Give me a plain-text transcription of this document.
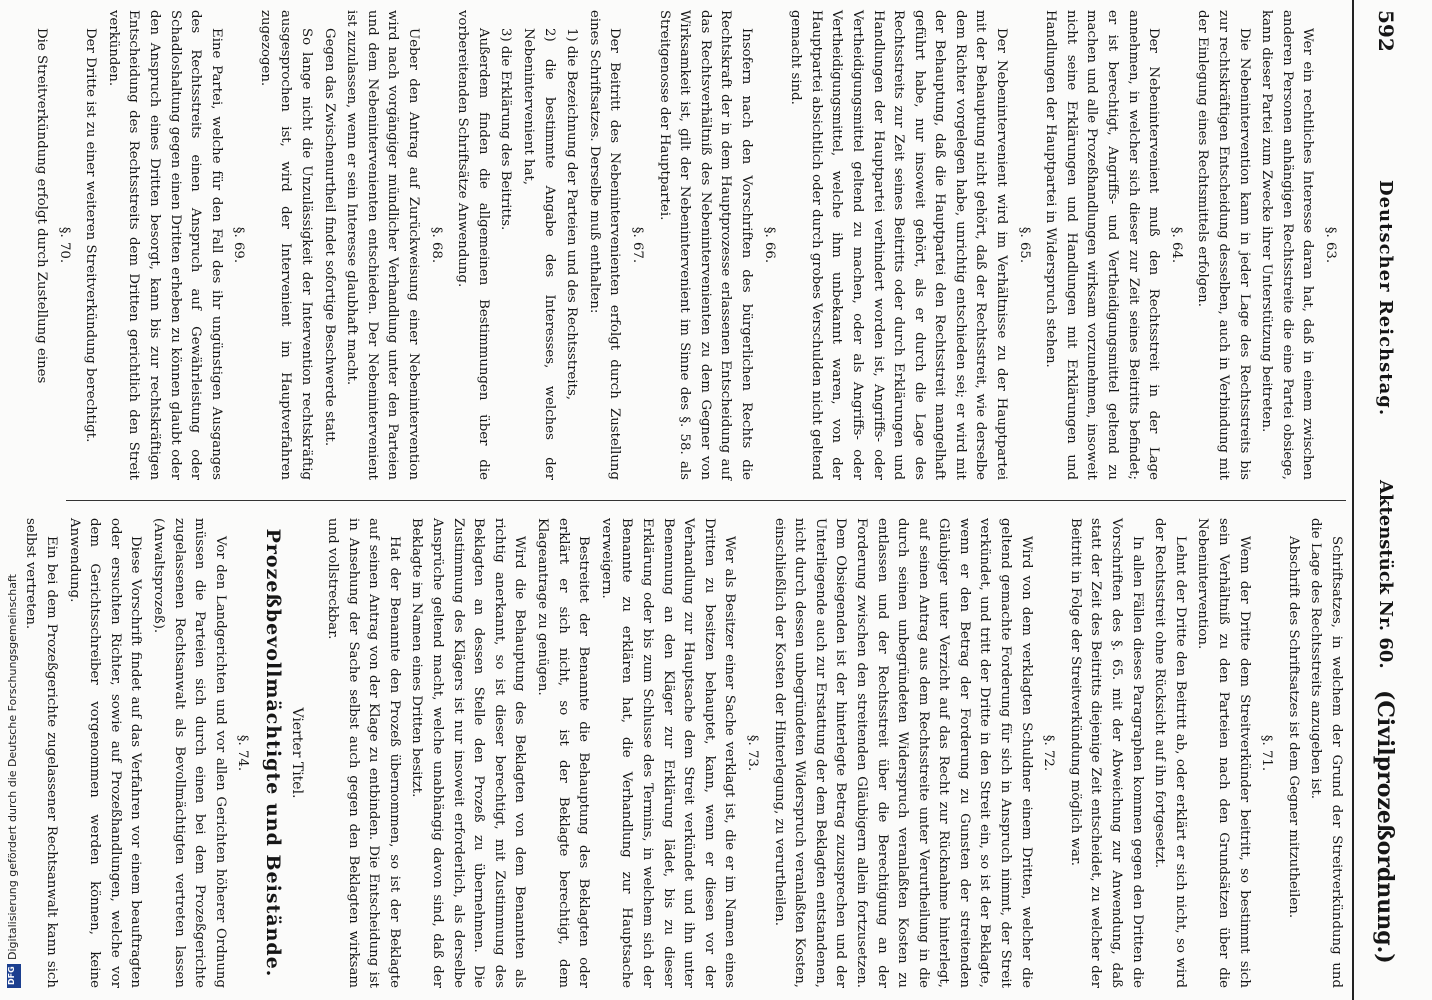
592
Deutscher Reichstag.
Aktenstück Nr. 60.
(Civilprozeßordnung.)

§. 63.

Wer ein rechtliches Interesse daran hat, daß in einem zwischen anderen Personen anhängigen Rechtsstreite die eine Partei obsiege, kann dieser Partei zum Zwecke ihrer Unterstützung beitreten.

Die Nebenintervention kann in jeder Lage des Rechtsstreits bis zur rechtskräftigen Entscheidung desselben, auch in Verbindung mit der Einlegung eines Rechtsmittels erfolgen.

§. 64.

Der Nebenintervenient muß den Rechtsstreit in der Lage annehmen, in welcher sich dieser zur Zeit seines Beitritts befindet; er ist berechtigt, Angriffs- und Vertheidigungsmittel geltend zu machen und alle Prozeßhandlungen wirksam vorzunehmen, insoweit nicht seine Erklärungen und Handlungen mit Erklärungen und Handlungen der Hauptpartei in Widerspruch stehen.

§. 65.

Der Nebenintervenient wird im Verhältnisse zu der Hauptpartei mit der Behauptung nicht gehört, daß der Rechtsstreit, wie derselbe dem Richter vorgelegen habe, unrichtig entschieden sei; er wird mit der Behauptung, daß die Hauptpartei den Rechtsstreit mangelhaft geführt habe, nur insoweit gehört, als er durch die Lage des Rechtsstreits zur Zeit seines Beitritts oder durch Erklärungen und Handlungen der Hauptpartei verhindert worden ist, Angriffs- oder Vertheidigungsmittel geltend zu machen, oder als Angriffs- oder Vertheidigungsmittel, welche ihm unbekannt waren, von der Hauptpartei absichtlich oder durch grobes Verschulden nicht geltend gemacht sind.

§. 66.

Insofern nach den Vorschriften des bürgerlichen Rechts die Rechtskraft der in dem Hauptprozesse erlassenen Entscheidung auf das Rechtsverhältniß des Nebenintervenienten zu dem Gegner von Wirksamkeit ist, gilt der Nebenintervenient im Sinne des §. 58. als Streitgenosse der Hauptpartei.

§. 67.

Der Beitritt des Nebenintervenienten erfolgt durch Zustellung eines Schriftsatzes. Derselbe muß enthalten:

1) die Bezeichnung der Parteien und des Rechtsstreits,

2) die bestimmte Angabe des Interesses, welches der Nebenintervenient hat,

3) die Erklärung des Beitritts.

Außerdem finden die allgemeinen Bestimmungen über die vorbereitenden Schriftsätze Anwendung.

§. 68.

Ueber den Antrag auf Zurückweisung einer Nebenintervention wird nach vorgängiger mündlicher Verhandlung unter den Parteien und dem Nebenintervenienten entschieden. Der Nebenintervenient ist zuzulassen, wenn er sein Interesse glaubhaft macht.

Gegen das Zwischenurtheil findet sofortige Beschwerde statt.

So lange nicht die Unzulässigkeit der Intervention rechtskräftig ausgesprochen ist, wird der Intervenient im Hauptverfahren zugezogen.

§. 69.

Eine Partei, welche für den Fall des ihr ungünstigen Ausganges des Rechtsstreits einen Anspruch auf Gewährleistung oder Schadloshaltung gegen einen Dritten erheben zu können glaubt oder den Anspruch eines Dritten besorgt, kann bis zur rechtskräftigen Entscheidung des Rechtsstreits dem Dritten gerichtlich den Streit verkünden.

Der Dritte ist zu einer weiteren Streitverkündung berechtigt.

§. 70.

Die Streitverkündung erfolgt durch Zustellung eines

Schriftsatzes, in welchem der Grund der Streitverkündung und die Lage des Rechtsstreits anzugeben ist.

Abschrift des Schriftsatzes ist dem Gegner mitzutheilen.

§. 71.

Wenn der Dritte dem Streitverkünder beitritt, so bestimmt sich sein Verhältniß zu den Parteien nach den Grundsätzen über die Nebenintervention.

Lehnt der Dritte den Beitritt ab, oder erklärt er sich nicht, so wird der Rechtsstreit ohne Rücksicht auf ihn fortgesetzt.

In allen Fällen dieses Paragraphen kommen gegen den Dritten die Vorschriften des §. 65. mit der Abweichung zur Anwendung, daß statt der Zeit des Beitritts diejenige Zeit entscheidet, zu welcher der Beitritt in Folge der Streitverkündung möglich war.

§. 72.

Wird von dem verklagten Schuldner einem Dritten, welcher die geltend gemachte Forderung für sich in Anspruch nimmt, der Streit verkündet, und tritt der Dritte in den Streit ein, so ist der Beklagte, wenn er den Betrag der Forderung zu Gunsten der streitenden Gläubiger unter Verzicht auf das Recht zur Rücknahme hinterlegt, auf seinen Antrag aus dem Rechtsstreite unter Verurtheilung in die durch seinen unbegründeten Widerspruch veranlaßten Kosten zu entlassen und der Rechtsstreit über die Berechtigung an der Forderung zwischen den streitenden Gläubigern allein fortzusetzen. Dem Obsiegenden ist der hinterlegte Betrag zuzusprechen und der Unterliegende auch zur Erstattung der dem Beklagten entstandenen, nicht durch dessen unbegründeten Widerspruch veranlaßten Kosten, einschließlich der Kosten der Hinterlegung, zu verurtheilen.

§. 73.

Wer als Besitzer einer Sache verklagt ist, die er im Namen eines Dritten zu besitzen behauptet, kann, wenn er diesen vor der Verhandlung zur Hauptsache dem Streit verkündet und ihn unter Benennung an den Kläger zur Erklärung lädet, bis zu dieser Erklärung oder bis zum Schlusse des Termins, in welchem sich der Benannte zu erklären hat, die Verhandlung zur Hauptsache verweigern.

Bestreitet der Benannte die Behauptung des Beklagten oder erklärt er sich nicht, so ist der Beklagte berechtigt, dem Klageantrage zu genügen.

Wird die Behauptung des Beklagten von dem Benannten als richtig anerkannt, so ist dieser berechtigt, mit Zustimmung des Beklagten an dessen Stelle den Prozeß zu übernehmen. Die Zustimmung des Klägers ist nur insoweit erforderlich, als derselbe Ansprüche geltend macht, welche unabhängig davon sind, daß der Beklagte im Namen eines Dritten besitzt.

Hat der Benannte den Prozeß übernommen, so ist der Beklagte auf seinen Antrag von der Klage zu entbinden. Die Entscheidung ist in Ansehung der Sache selbst auch gegen den Beklagten wirksam und vollstreckbar.

Vierter Titel.

Prozeßbevollmächtigte und Beistände.

§. 74.

Vor den Landgerichten und vor allen Gerichten höherer Ordnung müssen die Parteien sich durch einen bei dem Prozeßgerichte zugelassenen Rechtsanwalt als Bevollmächtigten vertreten lassen (Anwaltsprozeß).

Diese Vorschrift findet auf das Verfahren vor einem beauftragten oder ersuchten Richter, sowie auf Prozeßhandlungen, welche vor dem Gerichtsschreiber vorgenommen werden können, keine Anwendung.

Ein bei dem Prozeßgerichte zugelassener Rechtsanwalt kann sich selbst vertreten.

Digitalisierung gefördert durch die Deutsche Forschungsgemeinschaft
DFG
